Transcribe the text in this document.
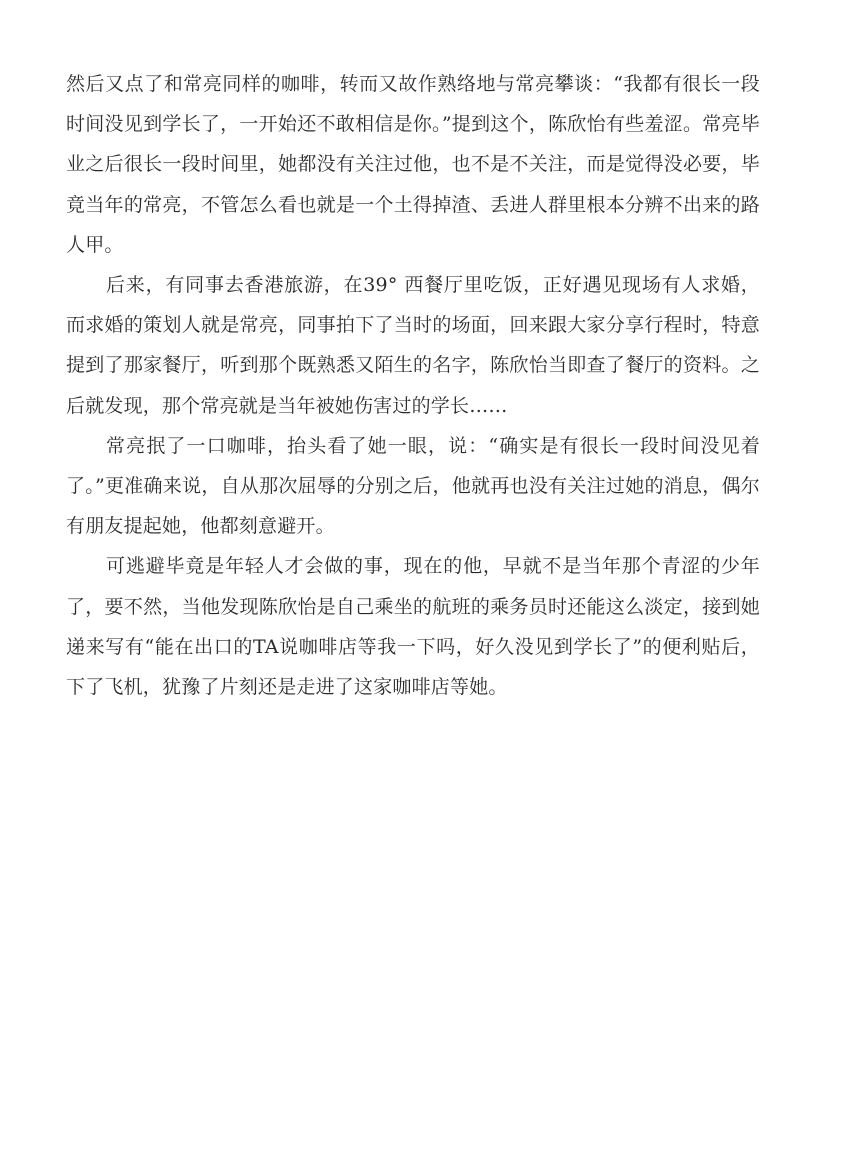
然后又点了和常亮同样的咖啡，转而又故作熟络地与常亮攀谈：“我都有很长一段时间没见到学长了，一开始还不敢相信是你。”提到这个，陈欣怡有些羞涩。常亮毕业之后很长一段时间里，她都没有关注过他，也不是不关注，而是觉得没必要，毕竟当年的常亮，不管怎么看也就是一个土得掉渣、丢进人群里根本分辨不出来的路人甲。

后来，有同事去香港旅游，在39° 西餐厅里吃饭，正好遇见现场有人求婚，而求婚的策划人就是常亮，同事拍下了当时的场面，回来跟大家分享行程时，特意提到了那家餐厅，听到那个既熟悉又陌生的名字，陈欣怡当即查了餐厅的资料。之后就发现，那个常亮就是当年被她伤害过的学长……

常亮抿了一口咖啡，抬头看了她一眼，说：“确实是有很长一段时间没见着了。”更准确来说，自从那次屈辱的分别之后，他就再也没有关注过她的消息，偶尔有朋友提起她，他都刻意避开。

可逃避毕竟是年轻人才会做的事，现在的他，早就不是当年那个青涩的少年了，要不然，当他发现陈欣怡是自己乘坐的航班的乘务员时还能这么淡定，接到她递来写有“能在出口的TA说咖啡店等我一下吗，好久没见到学长了”的便利贴后，下了飞机，犹豫了片刻还是走进了这家咖啡店等她。
